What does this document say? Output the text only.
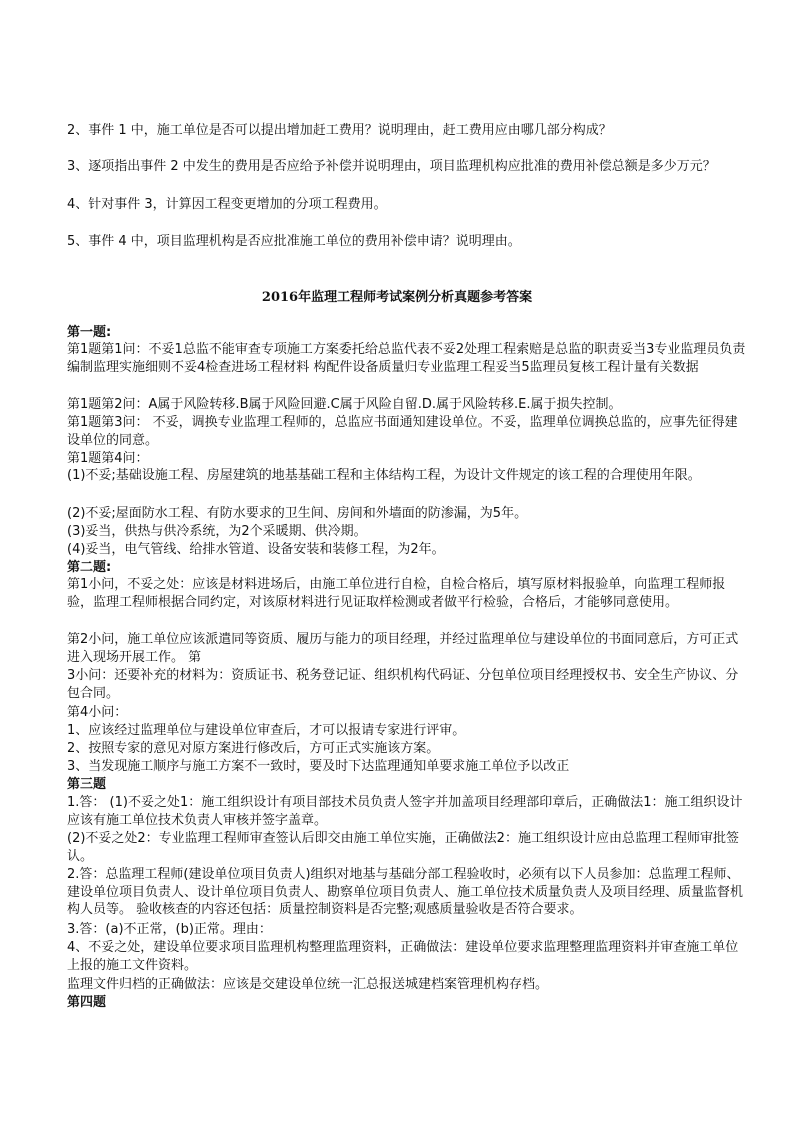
2、事件 1 中，施工单位是否可以提出增加赶工费用？说明理由，赶工费用应由哪几部分构成？
3、逐项指出事件 2 中发生的费用是否应给予补偿并说明理由，项目监理机构应批准的费用补偿总额是多少万元？
4、针对事件 3，计算因工程变更增加的分项工程费用。
5、事件 4 中，项目监理机构是否应批准施工单位的费用补偿申请？说明理由。
2016年监理工程师考试案例分析真题参考答案
第一题:
第1题第1问：不妥1总监不能审查专项施工方案委托给总监代表不妥2处理工程索赔是总监的职责妥当3专业监理员负责编制监理实施细则不妥4检查进场工程材料 构配件设备质量归专业监理工程妥当5监理员复核工程计量有关数据
第1题第2问：A属于风险转移.B属于风险回避.C属于风险自留.D.属于风险转移.E.属于损失控制。
第1题第3问： 不妥，调换专业监理工程师的，总监应书面通知建设单位。不妥，监理单位调换总监的，应事先征得建设单位的同意。
第1题第4问：
(1)不妥;基础设施工程、房屋建筑的地基基础工程和主体结构工程，为设计文件规定的该工程的合理使用年限。
(2)不妥;屋面防水工程、有防水要求的卫生间、房间和外墙面的防渗漏，为5年。
(3)妥当，供热与供冷系统，为2个采暖期、供冷期。
(4)妥当，电气管线、给排水管道、设备安装和装修工程，为2年。
第二题:
第1小问，不妥之处：应该是材料进场后，由施工单位进行自检，自检合格后，填写原材料报验单，向监理工程师报验，监理工程师根据合同约定，对该原材料进行见证取样检测或者做平行检验，合格后，才能够同意使用。
第2小问，施工单位应该派遣同等资质、履历与能力的项目经理，并经过监理单位与建设单位的书面同意后，方可正式进入现场开展工作。 第
3小问：还要补充的材料为：资质证书、税务登记证、组织机构代码证、分包单位项目经理授权书、安全生产协议、分包合同。
第4小问：
1、应该经过监理单位与建设单位审查后，才可以报请专家进行评审。
2、按照专家的意见对原方案进行修改后，方可正式实施该方案。
3、当发现施工顺序与施工方案不一致时，要及时下达监理通知单要求施工单位予以改正
第三题
1.答： (1)不妥之处1：施工组织设计有项目部技术员负责人签字并加盖项目经理部印章后，正确做法1：施工组织设计应该有施工单位技术负责人审核并签字盖章。
(2)不妥之处2：专业监理工程师审查签认后即交由施工单位实施，正确做法2：施工组织设计应由总监理工程师审批签认。
2.答：总监理工程师(建设单位项目负责人)组织对地基与基础分部工程验收时，必须有以下人员参加：总监理工程师、建设单位项目负责人、设计单位项目负责人、勘察单位项目负责人、施工单位技术质量负责人及项目经理、质量监督机构人员等。 验收核查的内容还包括：质量控制资料是否完整;观感质量验收是否符合要求。
3.答：(a)不正常，(b)正常。理由：
4、不妥之处，建设单位要求项目监理机构整理监理资料，正确做法：建设单位要求监理整理监理资料并审查施工单位上报的施工文件资料。
监理文件归档的正确做法：应该是交建设单位统一汇总报送城建档案管理机构存档。
第四题
